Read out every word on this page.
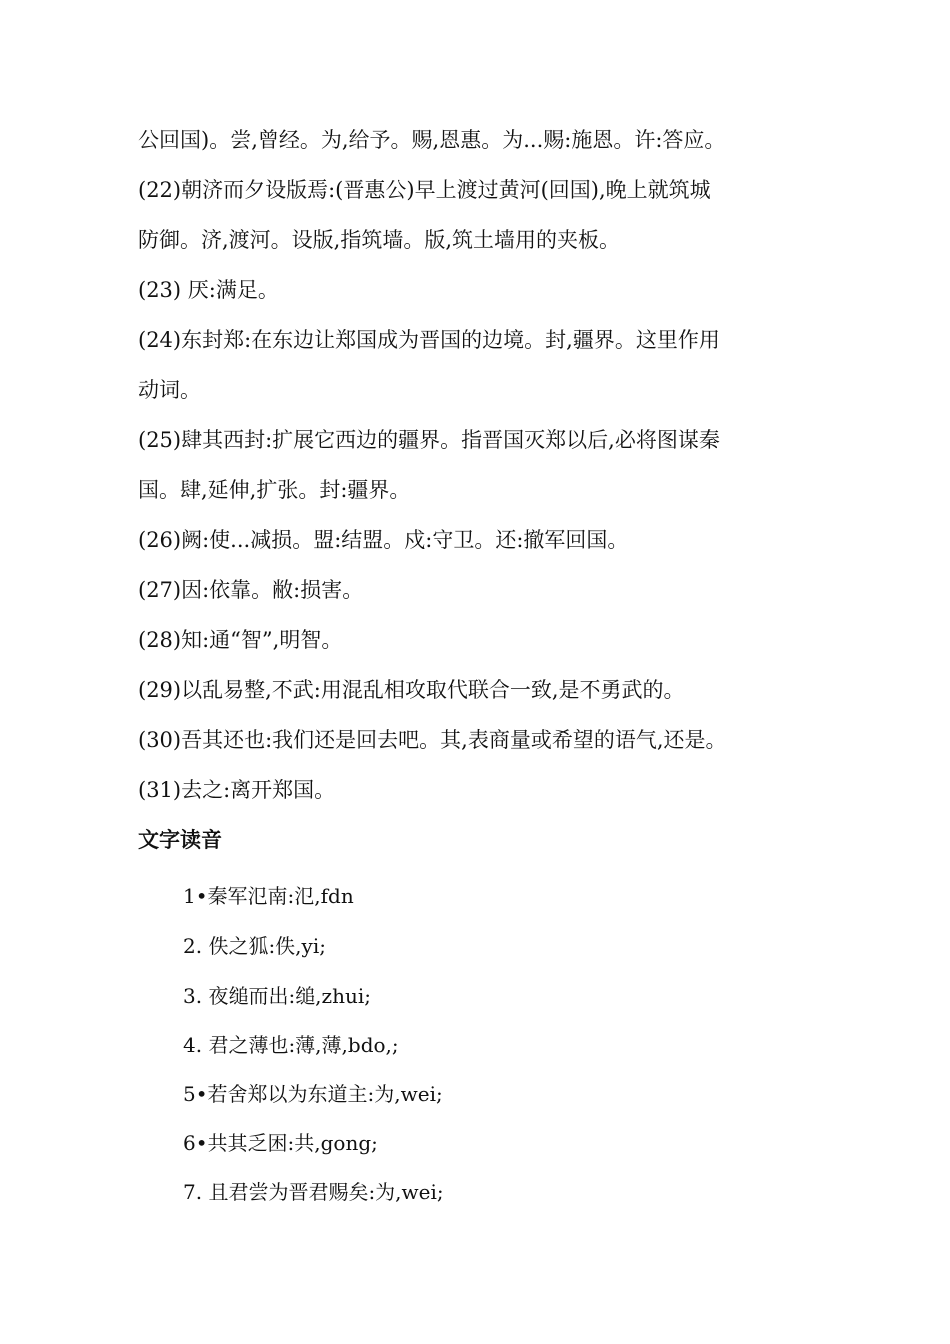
公回国)。尝,曾经。为,给予。赐,恩惠。为...赐:施恩。许:答应。
(22)朝济而夕设版焉:(晋惠公)早上渡过黄河(回国),晚上就筑城
防御。济,渡河。设版,指筑墙。版,筑土墙用的夹板。
(23) 厌:满足。
(24)东封郑:在东边让郑国成为晋国的边境。封,疆界。这里作用
动词。
(25)肆其西封:扩展它西边的疆界。指晋国灭郑以后,必将图谋秦
国。肆,延伸,扩张。封:疆界。
(26)阙:使...减损。盟:结盟。戍:守卫。还:撤军回国。
(27)因:依靠。敝:损害。
(28)知:通“智”,明智。
(29)以乱易整,不武:用混乱相攻取代联合一致,是不勇武的。
(30)吾其还也:我们还是回去吧。其,表商量或希望的语气,还是。
(31)去之:离开郑国。
文字读音
1•秦军氾南:氾,fdn
2. 佚之狐:佚,yi;
3. 夜缒而出:缒,zhui;
4. 君之薄也:薄,薄,bdo,;
5•若舍郑以为东道主:为,wei;
6•共其乏困:共,gong;
7. 且君尝为晋君赐矣:为,wei;
